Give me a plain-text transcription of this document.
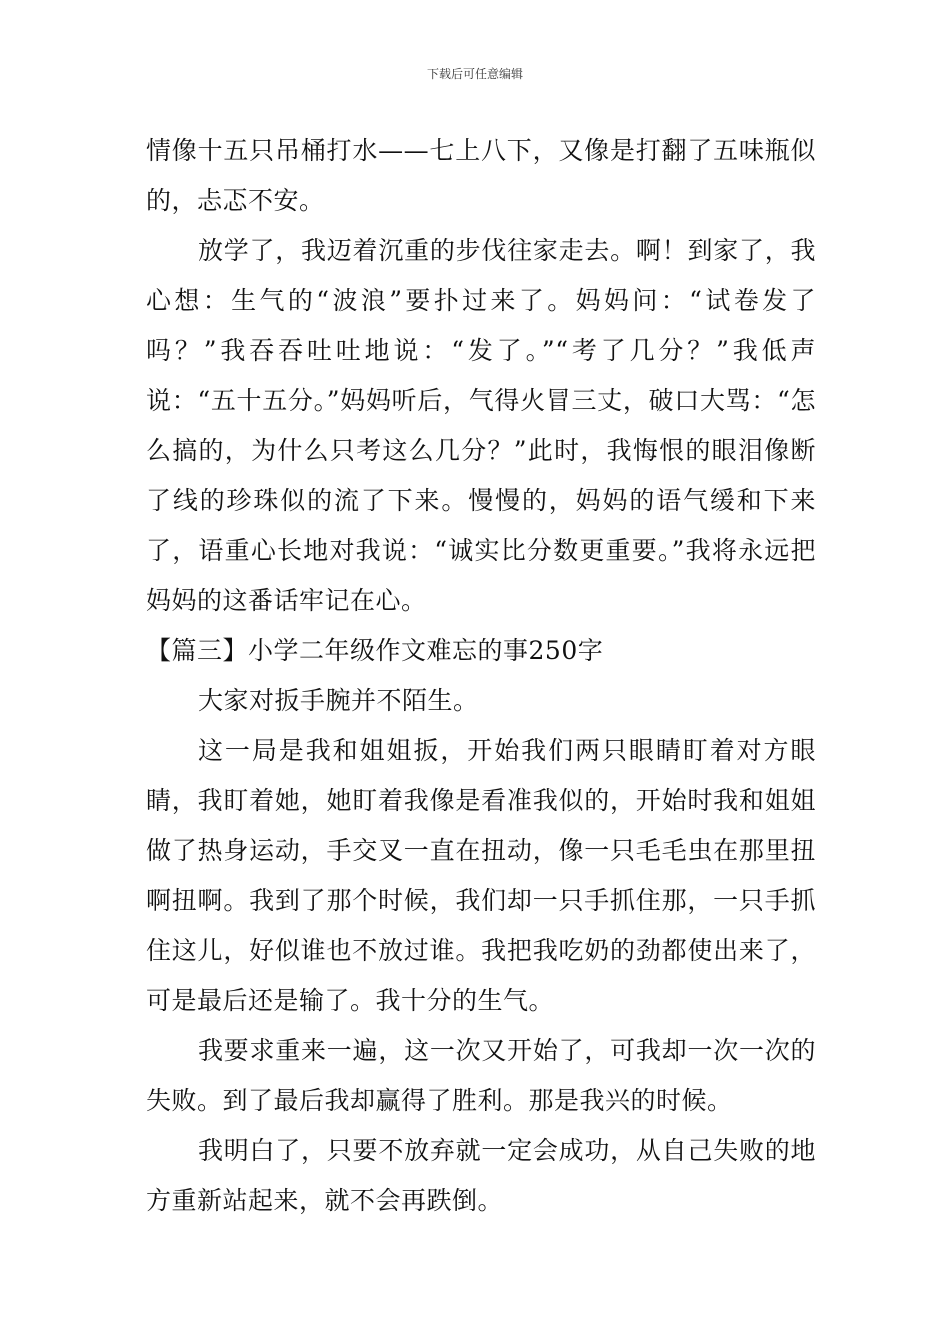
下载后可任意编辑

情像十五只吊桶打水——七上八下，又像是打翻了五味瓶似的，忐忑不安。

放学了，我迈着沉重的步伐往家走去。啊！到家了，我心想：生气的“波浪”要扑过来了。妈妈问：“试卷发了吗？”我吞吞吐吐地说：“发了。”“考了几分？”我低声说：“五十五分。”妈妈听后，气得火冒三丈，破口大骂：“怎么搞的，为什么只考这么几分？”此时，我悔恨的眼泪像断了线的珍珠似的流了下来。慢慢的，妈妈的语气缓和下来了，语重心长地对我说：“诚实比分数更重要。”我将永远把妈妈的这番话牢记在心。

【篇三】小学二年级作文难忘的事250字

大家对扳手腕并不陌生。

这一局是我和姐姐扳，开始我们两只眼睛盯着对方眼睛，我盯着她，她盯着我像是看准我似的，开始时我和姐姐做了热身运动，手交叉一直在扭动，像一只毛毛虫在那里扭啊扭啊。我到了那个时候，我们却一只手抓住那，一只手抓住这儿，好似谁也不放过谁。我把我吃奶的劲都使出来了，可是最后还是输了。我十分的生气。

我要求重来一遍，这一次又开始了，可我却一次一次的失败。到了最后我却赢得了胜利。那是我兴的时候。

我明白了，只要不放弃就一定会成功，从自己失败的地方重新站起来，就不会再跌倒。
